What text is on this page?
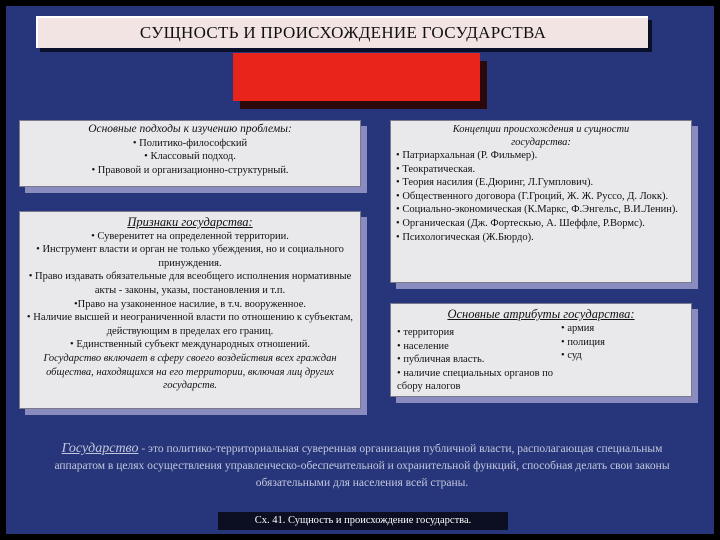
СУЩНОСТЬ И ПРОИСХОЖДЕНИЕ ГОСУДАРСТВА
Основные подходы к изучению проблемы:
• Политико-философский
• Классовый подход.
• Правовой и организационно-структурный.
Признаки государства:
• Суверенитет на определенной территории.
• Инструмент власти и орган не только убеждения, но и социального принуждения.
• Право издавать обязательные для всеобщего исполнения нормативные акты - законы, указы, постановления и т.п.
•Право на узаконенное насилие, в т.ч. вооруженное.
• Наличие высшей и неограниченной власти по отношению к субъектам, действующим в пределах его границ.
• Единственный субъект международных отношений.
Государство включает в сферу своего воздействия всех граждан общества, находящихся на его территории, включая лиц других государств.
Концепции происхождения и сущности государства:
• Патриархальная (Р. Фильмер).
• Теократическая.
• Теория насилия (Е.Дюринг, Л.Гумплович).
• Общественного договора (Г.Гроций, Ж. Ж. Руссо, Д. Локк).
• Социально-экономическая (К.Маркс, Ф.Энгельс, В.И.Ленин).
• Органическая (Дж. Фортескью, А. Шеффле, Р.Вормс).
• Психологическая (Ж.Бюрдо).
Основные атрибуты государства:
• территория
• население
• публичная власть.
• наличие специальных органов по сбору налогов
• армия
• полиция
• суд
Государство - это политико-территориальная суверенная организация публичной власти, располагающая специальным аппаратом в целях осуществления управленческо-обеспечительной и охранительной функций, способная делать свои законы обязательными для населения всей страны.
Сх. 41. Сущность и происхождение государства.
